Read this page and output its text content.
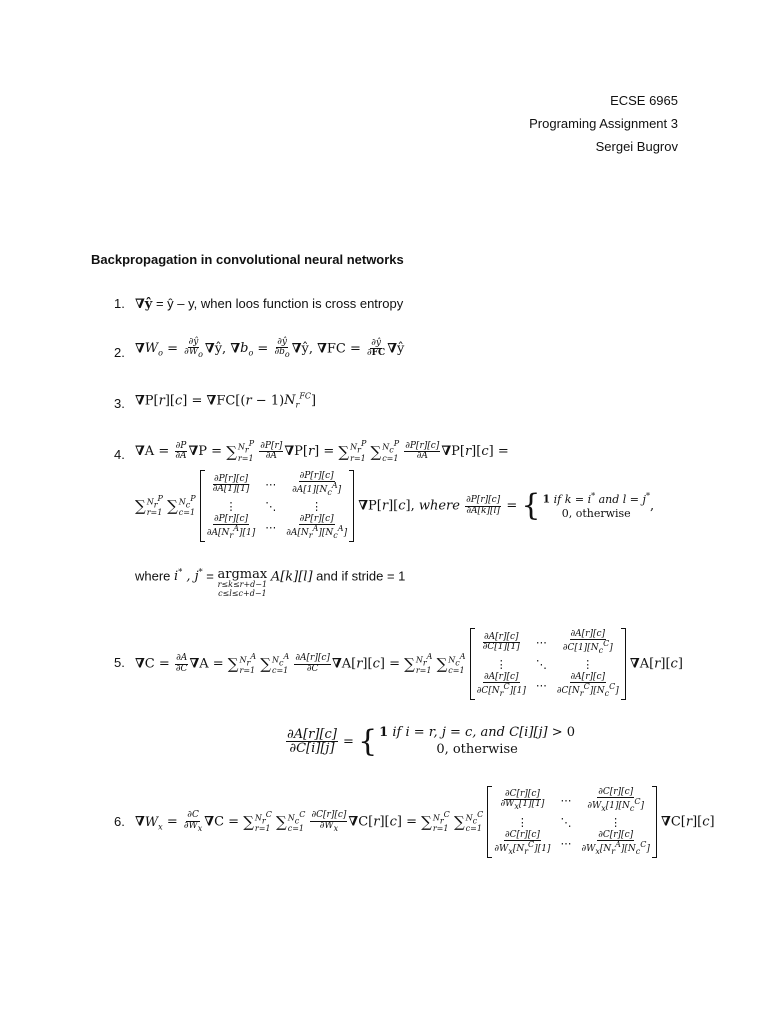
ECSE 6965
Programing Assignment 3
Sergei Bugrov
Backpropagation in convolutional neural networks
1. ∇ŷ = ŷ – y, when loos function is cross entropy
2. $\nabla W_o = \frac{\partial ŷ}{\partial W_o}$ ∇ŷ, $\nabla b_o = \frac{\partial ŷ}{\partial b_o}$ ∇ŷ, $\nabla FC = \frac{\partial ŷ}{\partial FC}$ ∇ŷ
3. $\nabla P[r][c] = \nabla FC[(r - 1)N_r^{FC}]$
4. $\nabla A = \frac{\partial P}{\partial A} \nabla P$ = ∑ $N_r^P$
r=1
$\frac{\partial P[r]}{\partial A} \nabla P[r]$ = ∑ $N_r^P$
r=1
∑ $N_c^P$
c=1
$\frac{\partial P[r][c]}{\partial A} \nabla P[r][c]$ =
∑ $N_r^P$
r=1
∑ $N_c^P$
c=1

$\frac{\partial P[r][c]}{\partial A[1][1]}$ ⋯ $\frac{\partial P[r][c]}{\partial A[1][N_c^A]}$
⋮	⋱	⋮
$\frac{\partial P[r][c]}{\partial A[N_r^A][1]}$ ⋯ $\frac{\partial P[r][c]}{\partial A[N_r^A][N_c^A]}$
∇P[r][c], where $\frac{\partial P[r][c]}{\partial A[k][l]}$ = { 1 if k = i* and l = j*
0, otherwise	,
where i* , j* = argmax
r≤k≤r+d−1
c≤l≤c+d−1
A[k][l] and if stride = 1
5. $\nabla C = \frac{\partial A}{\partial C} \nabla A$ = ∑ $N_r^A$
r=1
∑ $N_c^A$
c=1
$\frac{\partial A[r][c]}{\partial C} \nabla A[r][c]$ = ∑ $N_r^A$
r=1
∑ $N_c^A$
c=1

$\frac{\partial A[r][c]}{\partial C[1][1]}$ ⋯ $\frac{\partial A[r][c]}{\partial C[1][N_c^C]}$
⋮	⋱	⋮
$\frac{\partial A[r][c]}{\partial C[N_r^C][1]}$ ⋯ $\frac{\partial A[r][c]}{\partial C[N_r^C][N_c^C]}$
∇A[r][c]
$\frac{\partial A[r][c]}{\partial C[i][j]}$ = { 1 if i = r, j = c, and C[i][j] > 0
0, otherwise
6. $\nabla W_x = \frac{\partial C}{\partial W_x} \nabla C$ = ∑ $N_r^C$
r=1
∑ $N_c^C$
c=1
$\frac{\partial C[r][c]}{\partial W_x} \nabla C[r][c]$ = ∑ $N_r^C$
r=1
∑ $N_c^C$
c=1

$\frac{\partial C[r][c]}{\partial W_x[1][1]}$ ⋯ $\frac{\partial C[r][c]}{\partial W_x[1][N_c^C]}$
⋮	⋱	⋮
$\frac{\partial C[r][c]}{\partial W_x[N_r^C][1]}$ ⋯ $\frac{\partial C[r][c]}{\partial W_x[N_r^A][N_c^C]}$
∇C[r][c]
